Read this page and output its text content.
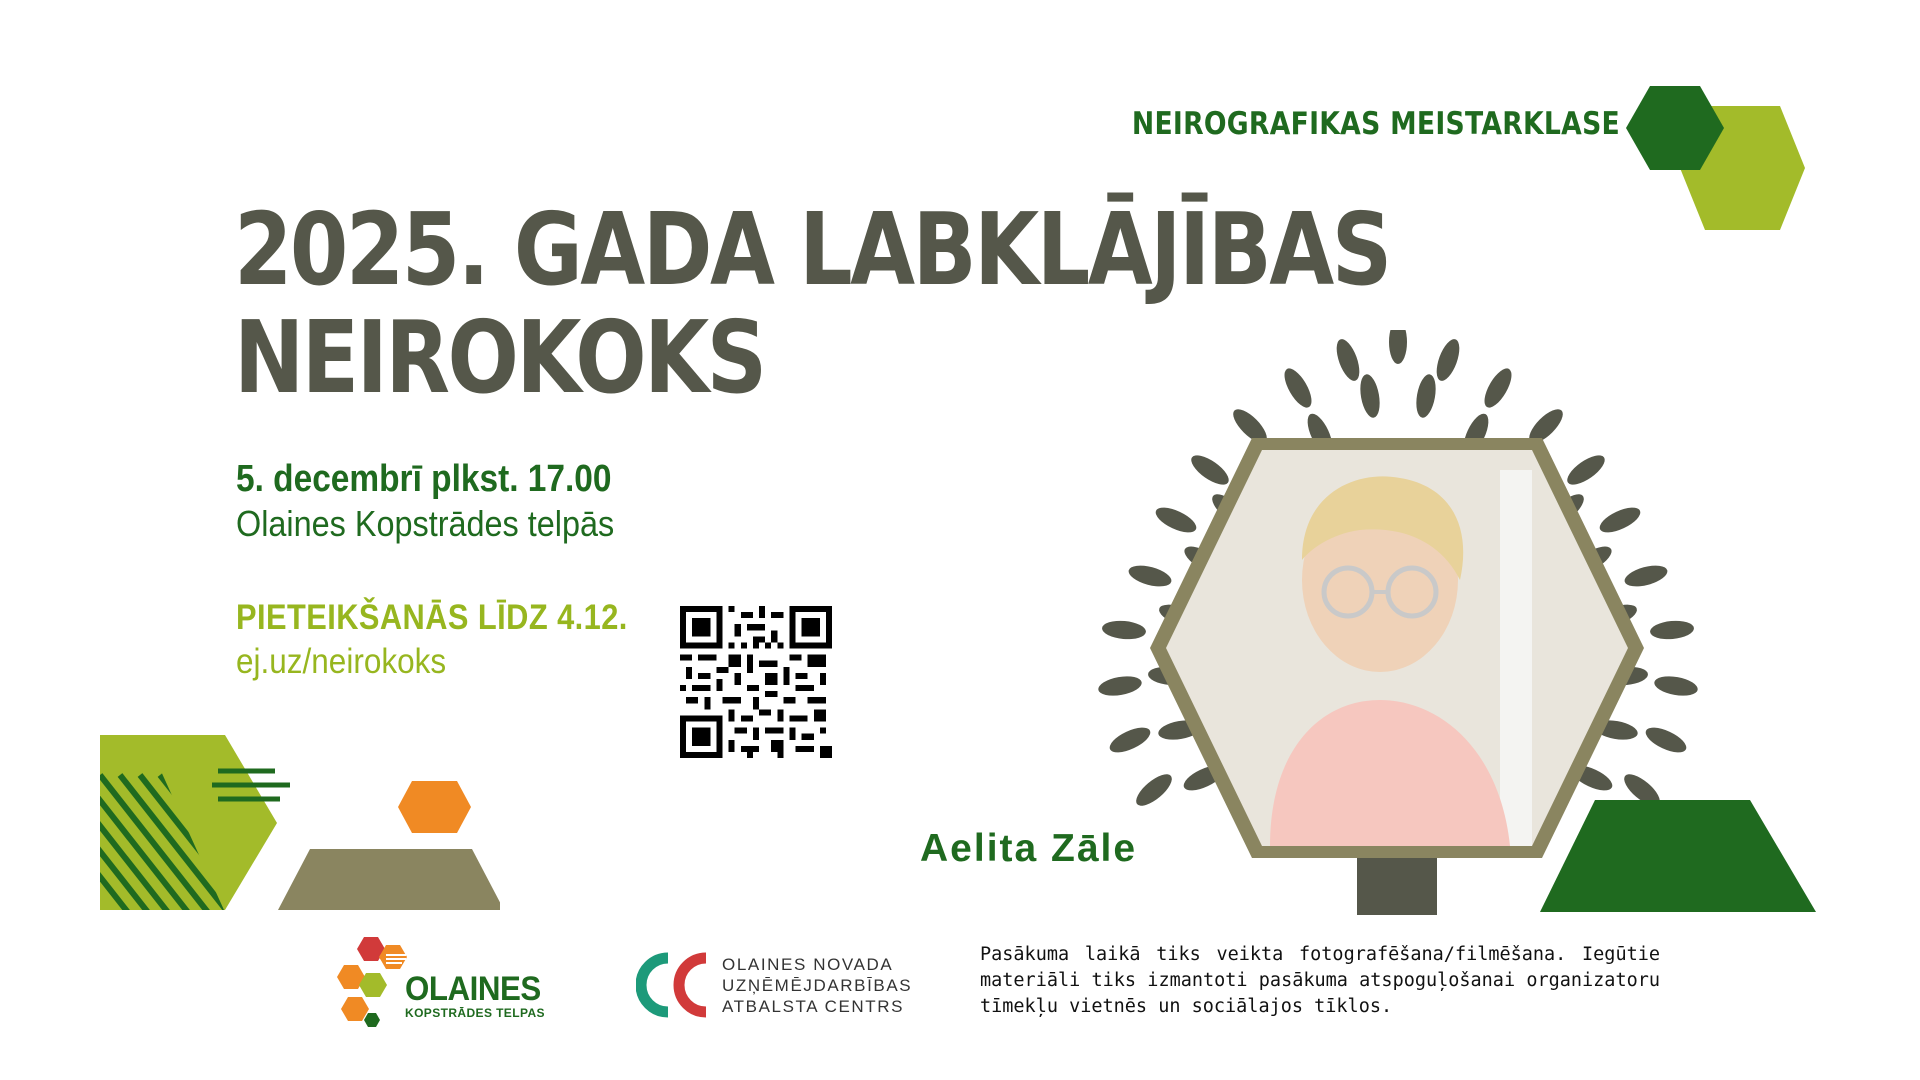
NEIROGRAFIKAS MEISTARKLASE
2025. GADA LABKLĀJĪBAS
NEIROKOKS
5. decembrī plkst. 17.00
Olaines Kopstrādes telpās
PIETEIKŠANĀS LĪDZ 4.12.
ej.uz/neirokoks
Aelita Zāle
OLAINES
KOPSTRĀDES TELPAS
OLAINES NOVADA
UZŅĒMĒJDARBĪBAS
ATBALSTA CENTRS
Pasākuma laikā tiks veikta fotografēšana/filmēšana. Iegūtie materiāli tiks izmantoti pasākuma atspoguļošanai organizatoru tīmekļu vietnēs un sociālajos tīklos.
